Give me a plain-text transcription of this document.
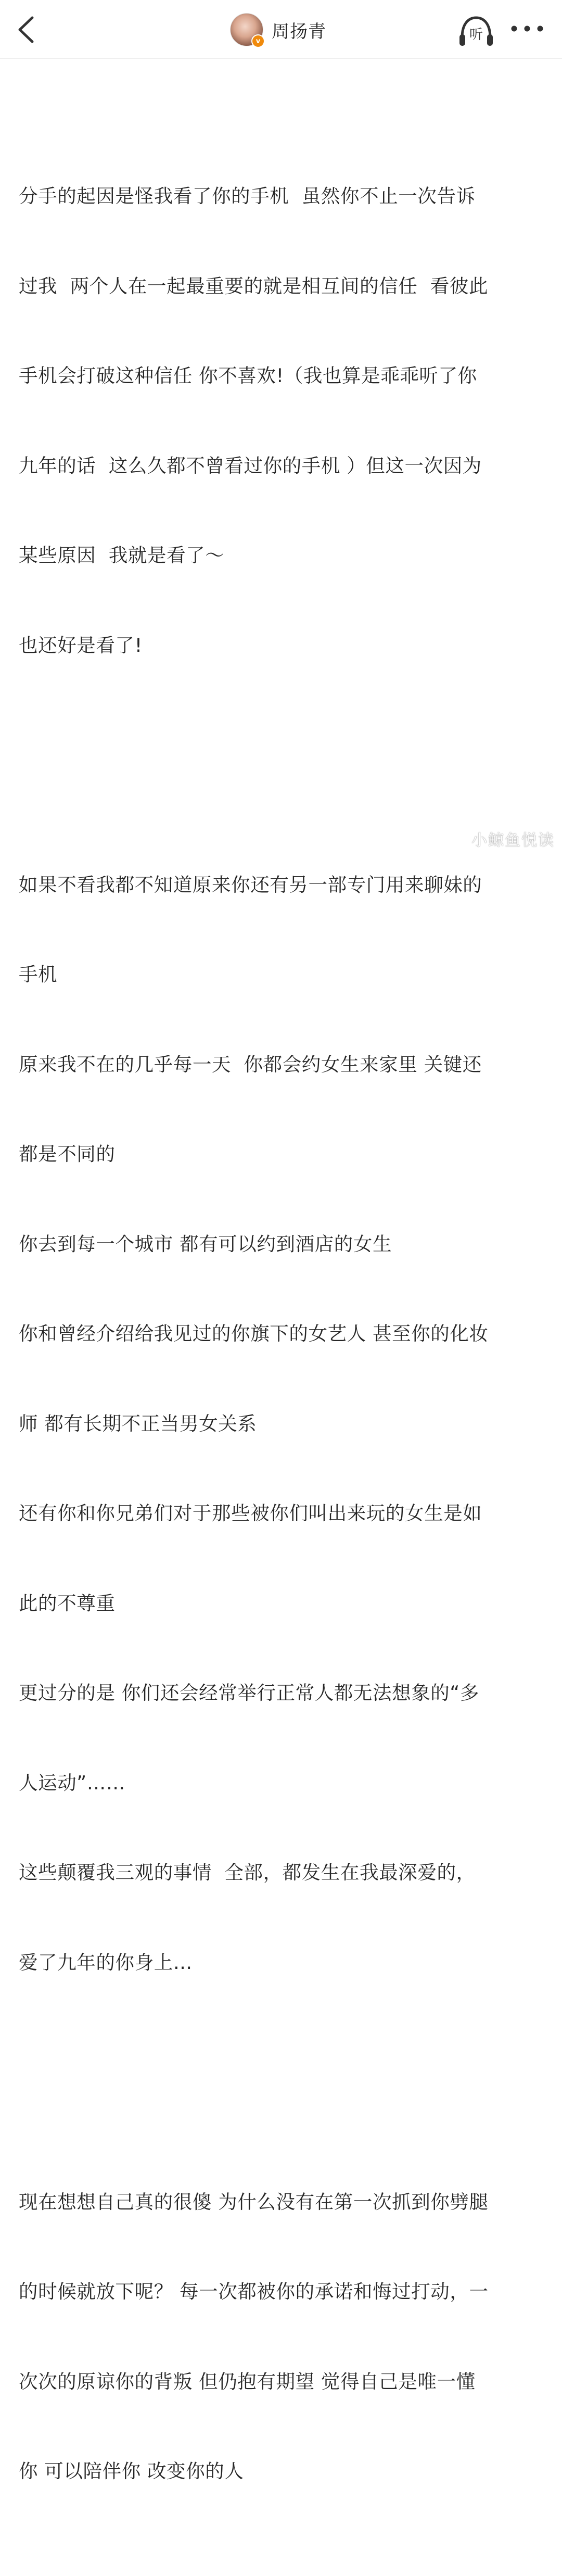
v 周扬青	听

分手的起因是怪我看了你的手机  虽然你不止一次告诉

过我  两个人在一起最重要的就是相互间的信任  看彼此

手机会打破这种信任 你不喜欢!（我也算是乖乖听了你

九年的话  这么久都不曾看过你的手机 ）但这一次因为

某些原因  我就是看了～

也还好是看了!

如果不看我都不知道原来你还有另一部专门用来聊妹的

手机

原来我不在的几乎每一天  你都会约女生来家里 关键还

都是不同的

你去到每一个城市 都有可以约到酒店的女生

你和曾经介绍给我见过的你旗下的女艺人 甚至你的化妆

师 都有长期不正当男女关系

还有你和你兄弟们对于那些被你们叫出来玩的女生是如

此的不尊重

更过分的是 你们还会经常举行正常人都无法想象的“多

人运动”……

这些颠覆我三观的事情  全部，都发生在我最深爱的，

爱了九年的你身上…

现在想想自己真的很傻 为什么没有在第一次抓到你劈腿

的时候就放下呢？ 每一次都被你的承诺和悔过打动，一

次次的原谅你的背叛 但仍抱有期望 觉得自己是唯一懂

你 可以陪伴你 改变你的人

小鲸鱼悦读
